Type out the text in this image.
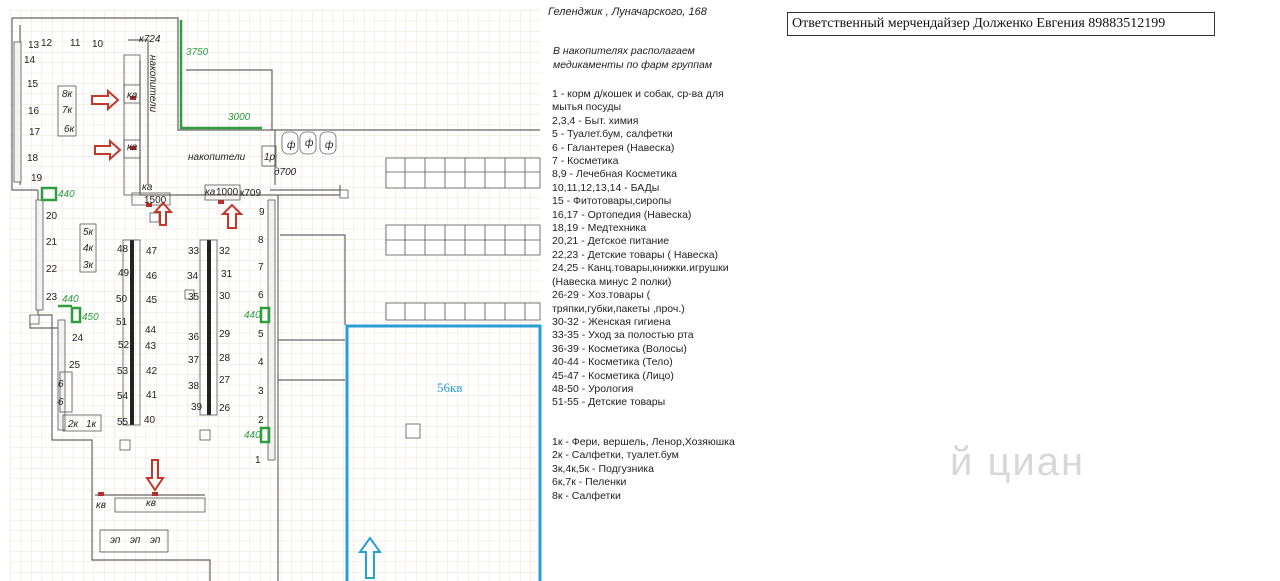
к724
накопители
3750
3000
накопители
ка
ка
ка	ка
1500
1000 к709
1р
д700
ф ф ф
440
440
450	440
440
8к
7к
6к
5к
4к
3к
2к 1к
6
6
кв	кв
эп эп эп
1
2
3
4
5
6
7
8
9
10
11
12
13
14
15
16
17
18
19
20
21
22
23
24
25
26
27
28
29
30
31
32
33
34
35
36
37
38
39
40
41
42
43
44
45
46
47
48
49
50
51
52
53
54
55
Геленджик , Луначарского, 168
Ответственный мерчендайзер Долженко Евгения 89883512199
В накопителях располагаем медикаменты по фарм группам
1 - корм д/кошек и собак, ср-ва для
мытья посуды
2,3,4 - Быт. химия
5 - Туалет.бум, салфетки
6 - Галантерея (Навеска)
7 - Косметика
8,9 - Лечебная Косметика
10,11,12,13,14 - БАДы
15 - Фитотовары,сиропы
16,17 - Ортопедия (Навеска)
18,19 - Медтехника
20,21 - Детское питание
22,23 - Детские товары ( Навеска)
24,25 - Канц.товары,книжки.игрушки
(Навеска минус 2 полки)
26-29 - Хоз.товары (
тряпки,губки,пакеты ,проч.)
30-32 - Женская гигиена
33-35 - Уход за полостью рта
36-39 - Косметика (Волосы)
40-44 - Косметика (Тело)
45-47 - Косметика (Лицо)
48-50 - Урология
51-55 - Детские товары
1к - Фери, вершель, Ленор,Хозяюшка
2к - Салфетки, туалет.бум
3к,4к,5к - Подгузника
6к,7к - Пеленки
8к - Салфетки
56кв
й циан
